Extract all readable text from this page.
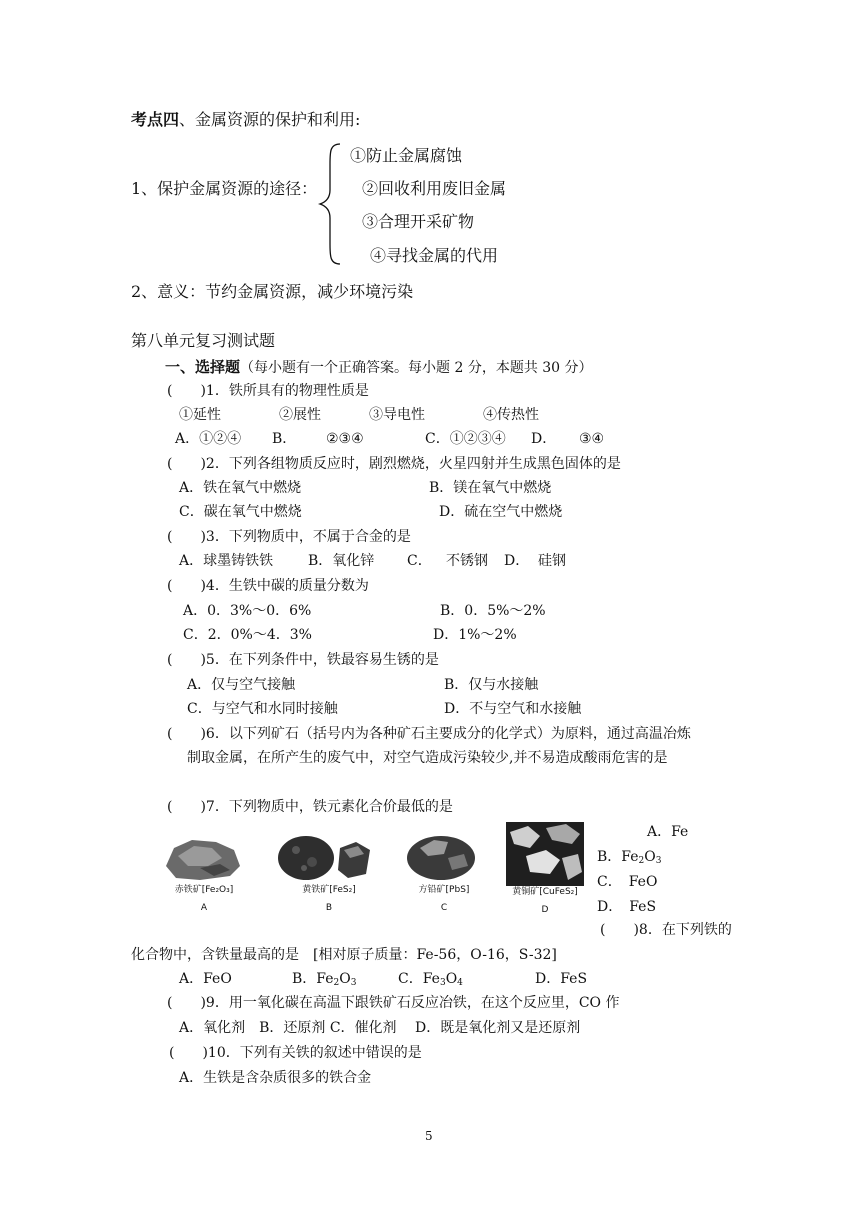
考点四、金属资源的保护和利用:
1、保护金属资源的途径：
①防止金属腐蚀
②回收利用废旧金属
③合理开采矿物
④寻找金属的代用
2、意义：节约金属资源，减少环境污染
第八单元复习测试题
一、选择题（每小题有一个正确答案。每小题 2 分，本题共 30 分）
(　　)1．铁所具有的物理性质是
①延性	②展性	③导电性	④传热性
A．①②④ B． ②③④	C．①②③④ D． ③④
(　　)2．下列各组物质反应时，剧烈燃烧，火星四射并生成黑色固体的是
A．铁在氧气中燃烧	B．镁在氧气中燃烧
C．碳在氧气中燃烧	D．硫在空气中燃烧
(　　)3．下列物质中，不属于合金的是
A．球墨铸铁铁 B．氧化锌 C． 不锈钢 D． 硅钢
(　　)4．生铁中碳的质量分数为
A．0．3%～0．6%	B．0．5%～2%
C．2．0%～4．3%	D．1%～2%
(　　)5．在下列条件中，铁最容易生锈的是
A．仅与空气接触	B．仅与水接触
C．与空气和水同时接触	D．不与空气和水接触
(　　)6．以下列矿石（括号内为各种矿石主要成分的化学式）为原料，通过高温冶炼
制取金属，在所产生的废气中，对空气造成污染较少,并不易造成酸雨危害的是
(　　)7．下列物质中，铁元素化合价最低的是
赤铁矿[Fe₂O₃]
A
黄铁矿[FeS₂]
B
方铅矿[PbS]
C
黄铜矿[CuFeS₂]
D
A．Fe
B．$Fe_2O_3$
C．　FeO
D．　FeS
(　　)8．在下列铁的
化合物中，含铁量最高的是　[相对原子质量：Fe-56，O-16，S-32]
A．FeO	B．$Fe_2O_3$	C．$Fe_3O_4$	D．FeS
(　　)9．用一氧化碳在高温下跟铁矿石反应冶铁，在这个反应里，CO 作
A．氧化剂　B．还原剂 C．催化剂　 D．既是氧化剂又是还原剂
(　　)10．下列有关铁的叙述中错误的是
A．生铁是含杂质很多的铁合金
5
